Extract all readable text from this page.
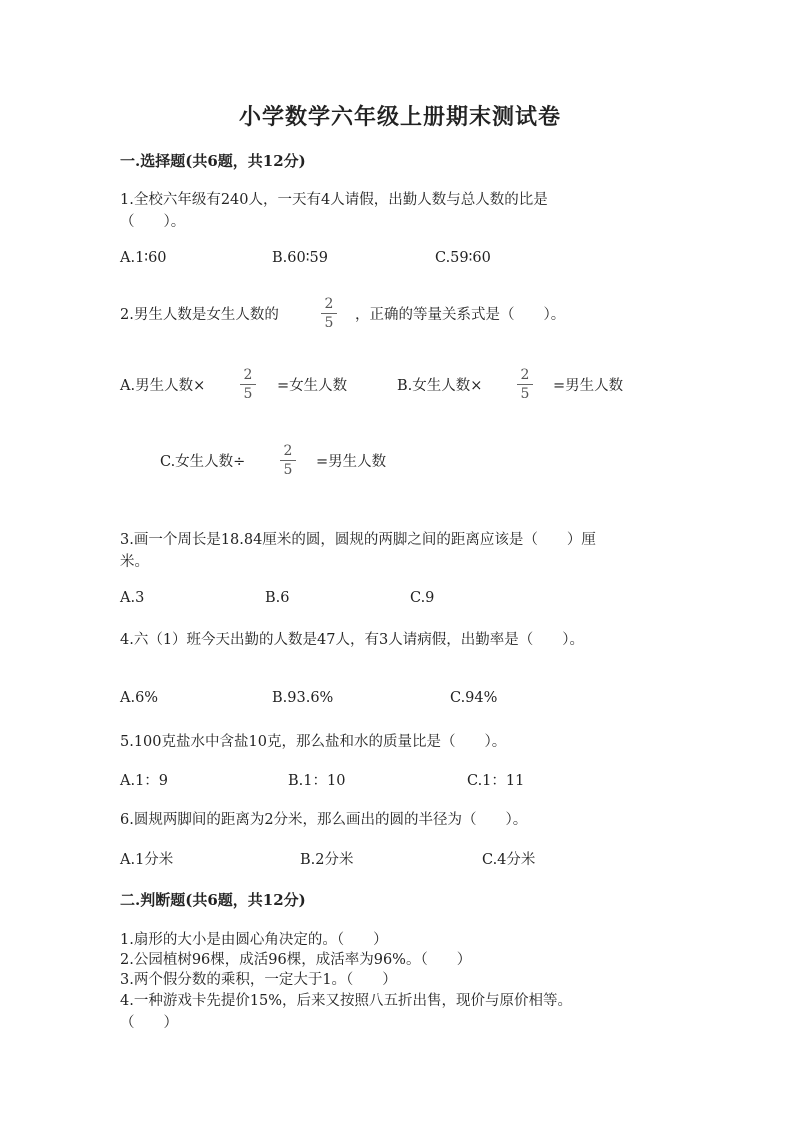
小学数学六年级上册期末测试卷
一.选择题(共6题，共12分)
1.全校六年级有240人，一天有4人请假，出勤人数与总人数的比是
（　　）。
A.1∶60	B.60∶59	C.59∶60
2.男生人数是女生人数的
2
5 ，正确的等量关系式是（　　）。
A.男生人数×
2
5 =女生人数	B.女生人数×
2
5 =男生人数
C.女生人数÷
2
5 =男生人数
3.画一个周长是18.84厘米的圆，圆规的两脚之间的距离应该是（　　）厘
米。
A.3	B.6	C.9
4.六（1）班今天出勤的人数是47人，有3人请病假，出勤率是（　　）。
A.6%	B.93.6%	C.94%
5.100克盐水中含盐10克，那么盐和水的质量比是（　　）。
A.1：9	B.1：10	C.1：11
6.圆规两脚间的距离为2分米，那么画出的圆的半径为（　　）。
A.1分米	B.2分米	C.4分米
二.判断题(共6题，共12分)
1.扇形的大小是由圆心角决定的。（　　）
2.公园植树96棵，成活96棵，成活率为96%。（　　）
3.两个假分数的乘积，一定大于1。（　　）
4.一种游戏卡先提价15%，后来又按照八五折出售，现价与原价相等。
（　　）
